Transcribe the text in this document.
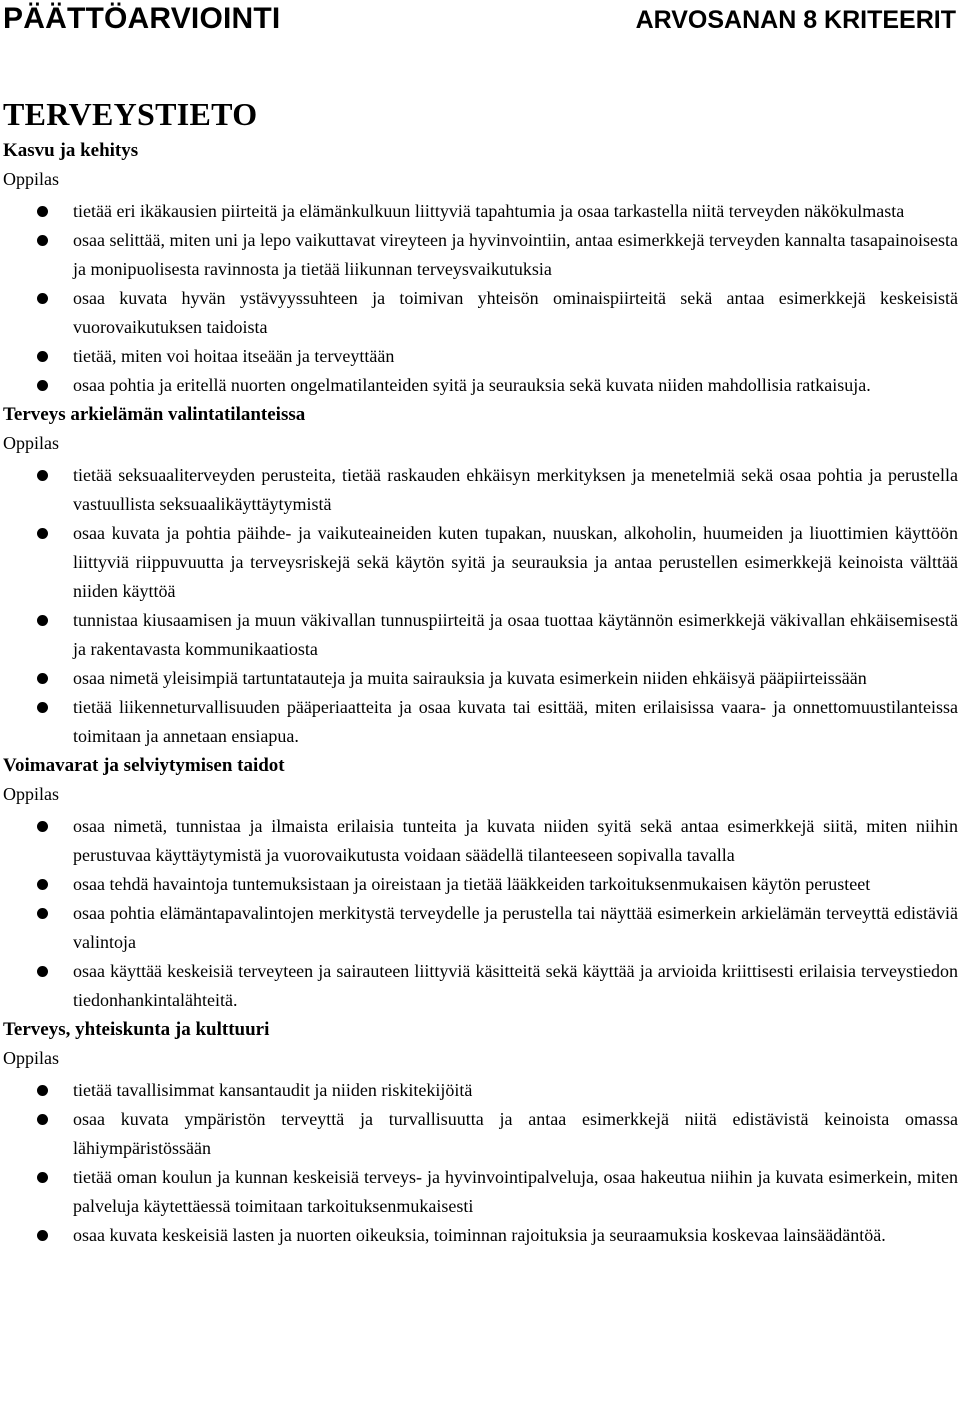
PÄÄTTÖARVIOINTI	ARVOSANAN 8 KRITEERIT
TERVEYSTIETO
Kasvu ja kehitys

Oppilas

tietää eri ikäkausien piirteitä ja elämänkulkuun liittyviä tapahtumia ja osaa tarkastella niitä terveyden näkökulmasta
osaa selittää, miten uni ja lepo vaikuttavat vireyteen ja hyvinvointiin, antaa esimerkkejä terveyden kannalta tasapainoisesta ja monipuolisesta ravinnosta ja tietää liikunnan terveysvaikutuksia
osaa kuvata hyvän ystävyyssuhteen ja toimivan yhteisön ominaispiirteitä sekä antaa esimerkkejä keskeisistä vuorovaikutuksen taidoista
tietää, miten voi hoitaa itseään ja terveyttään
osaa pohtia ja eritellä nuorten ongelmatilanteiden syitä ja seurauksia sekä kuvata niiden mahdollisia ratkaisuja.
Terveys arkielämän valintatilanteissa

Oppilas

tietää seksuaaliterveyden perusteita, tietää raskauden ehkäisyn merkityksen ja menetelmiä sekä osaa pohtia ja perustella vastuullista seksuaalikäyttäytymistä
osaa kuvata ja pohtia päihde- ja vaikuteaineiden kuten tupakan, nuuskan, alkoholin, huumeiden ja liuottimien käyttöön liittyviä riippuvuutta ja terveysriskejä sekä käytön syitä ja seurauksia ja antaa perustellen esimerkkejä keinoista välttää niiden käyttöä
tunnistaa kiusaamisen ja muun väkivallan tunnuspiirteitä ja osaa tuottaa käytännön esimerkkejä väkivallan ehkäisemisestä ja rakentavasta kommunikaatiosta
osaa nimetä yleisimpiä tartuntatauteja ja muita sairauksia ja kuvata esimerkein niiden ehkäisyä pääpiirteissään
tietää liikenneturvallisuuden pääperiaatteita ja osaa kuvata tai esittää, miten erilaisissa vaara- ja onnettomuustilanteissa toimitaan ja annetaan ensiapua.
Voimavarat ja selviytymisen taidot

Oppilas

osaa nimetä, tunnistaa ja ilmaista erilaisia tunteita ja kuvata niiden syitä sekä antaa esimerkkejä siitä, miten niihin perustuvaa käyttäytymistä ja vuorovaikutusta voidaan säädellä tilanteeseen sopivalla tavalla
osaa tehdä havaintoja tuntemuksistaan ja oireistaan ja tietää lääkkeiden tarkoituksenmukaisen käytön perusteet
osaa pohtia elämäntapavalintojen merkitystä terveydelle ja perustella tai näyttää esimerkein arkielämän terveyttä edistäviä valintoja
osaa käyttää keskeisiä terveyteen ja sairauteen liittyviä käsitteitä sekä käyttää ja arvioida kriittisesti erilaisia terveystiedon tiedonhankintalähteitä.
Terveys, yhteiskunta ja kulttuuri

Oppilas

tietää tavallisimmat kansantaudit ja niiden riskitekijöitä
osaa kuvata ympäristön terveyttä ja turvallisuutta ja antaa esimerkkejä niitä edistävistä keinoista omassa lähiympäristössään
tietää oman koulun ja kunnan keskeisiä terveys- ja hyvinvointipalveluja, osaa hakeutua niihin ja kuvata esimerkein, miten palveluja käytettäessä toimitaan tarkoituksenmukaisesti
osaa kuvata keskeisiä lasten ja nuorten oikeuksia, toiminnan rajoituksia ja seuraamuksia koskevaa lainsäädäntöä.
